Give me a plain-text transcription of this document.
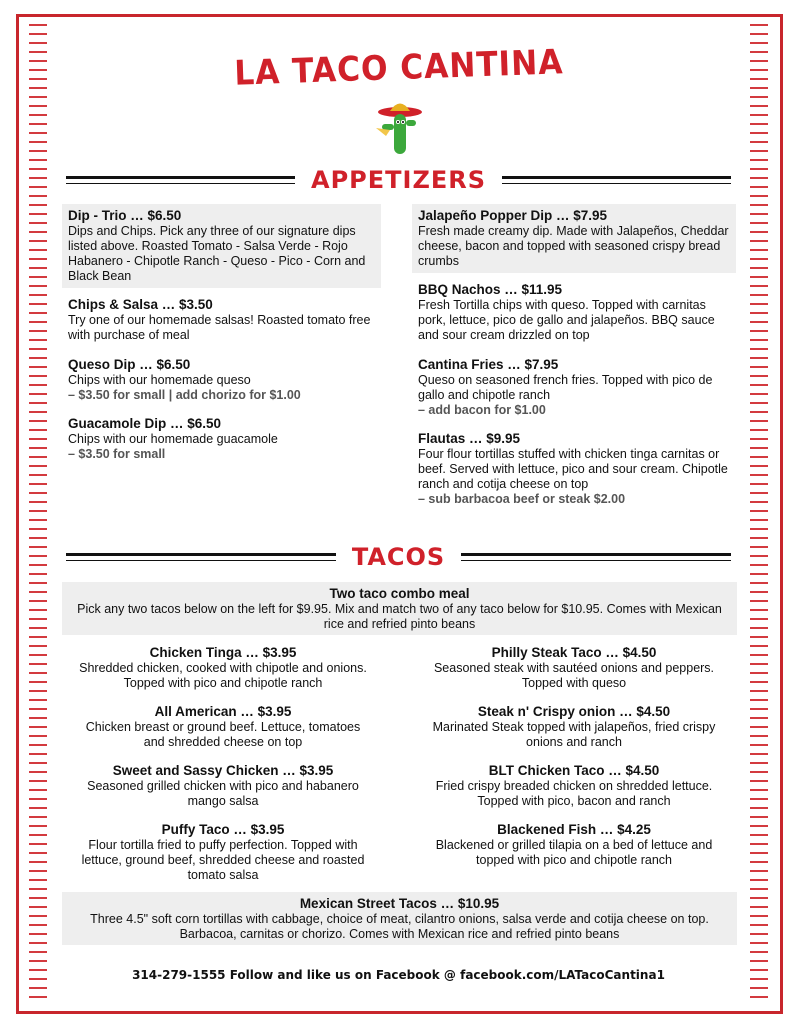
LA TACO CANTINA
APPETIZERS
Dip - Trio … $6.50
Dips and Chips. Pick any three of our signature dips listed above. Roasted Tomato - Salsa Verde - Rojo Habanero - Chipotle Ranch - Queso - Pico - Corn and Black Bean
Chips & Salsa … $3.50
Try one of our homemade salsas! Roasted tomato free with purchase of meal
Queso Dip … $6.50
Chips with our homemade queso
– $3.50 for small | add chorizo for $1.00
Guacamole Dip … $6.50
Chips with our homemade guacamole
– $3.50 for small
Jalapeño Popper Dip … $7.95
Fresh made creamy dip. Made with Jalapeños, Cheddar cheese, bacon and topped with seasoned crispy bread crumbs
BBQ Nachos … $11.95
Fresh Tortilla chips with queso. Topped with carnitas pork, lettuce, pico de gallo and jalapeños. BBQ sauce and sour cream drizzled on top
Cantina Fries … $7.95
Queso on seasoned french fries. Topped with pico de gallo and chipotle ranch
– add bacon for $1.00
Flautas … $9.95
Four flour tortillas stuffed with chicken tinga carnitas or beef. Served with lettuce, pico and sour cream. Chipotle ranch and cotija cheese on top
– sub barbacoa beef or steak $2.00
TACOS
Two taco combo meal
Pick any two tacos below on the left for $9.95. Mix and match two of any taco below for $10.95. Comes with Mexican rice and refried pinto beans
Chicken Tinga … $3.95
Shredded chicken, cooked with chipotle and onions. Topped with pico and chipotle ranch
All American … $3.95
Chicken breast or ground beef. Lettuce, tomatoes and shredded cheese on top
Sweet and Sassy Chicken … $3.95
Seasoned grilled chicken with pico and habanero mango salsa
Puffy Taco … $3.95
Flour tortilla fried to puffy perfection. Topped with lettuce, ground beef, shredded cheese and roasted tomato salsa
Philly Steak Taco … $4.50
Seasoned steak with sautéed onions and peppers. Topped with queso
Steak n' Crispy onion … $4.50
Marinated Steak topped with jalapeños, fried crispy onions and ranch
BLT Chicken Taco … $4.50
Fried crispy breaded chicken on shredded lettuce. Topped with pico, bacon and ranch
Blackened Fish … $4.25
Blackened or grilled tilapia on a bed of lettuce and topped with pico and chipotle ranch
Mexican Street Tacos … $10.95
Three 4.5" soft corn tortillas with cabbage, choice of meat, cilantro onions, salsa verde and cotija cheese on top. Barbacoa, carnitas or chorizo. Comes with Mexican rice and refried pinto beans
314-279-1555 Follow and like us on Facebook @ facebook.com/LATacoCantina1
